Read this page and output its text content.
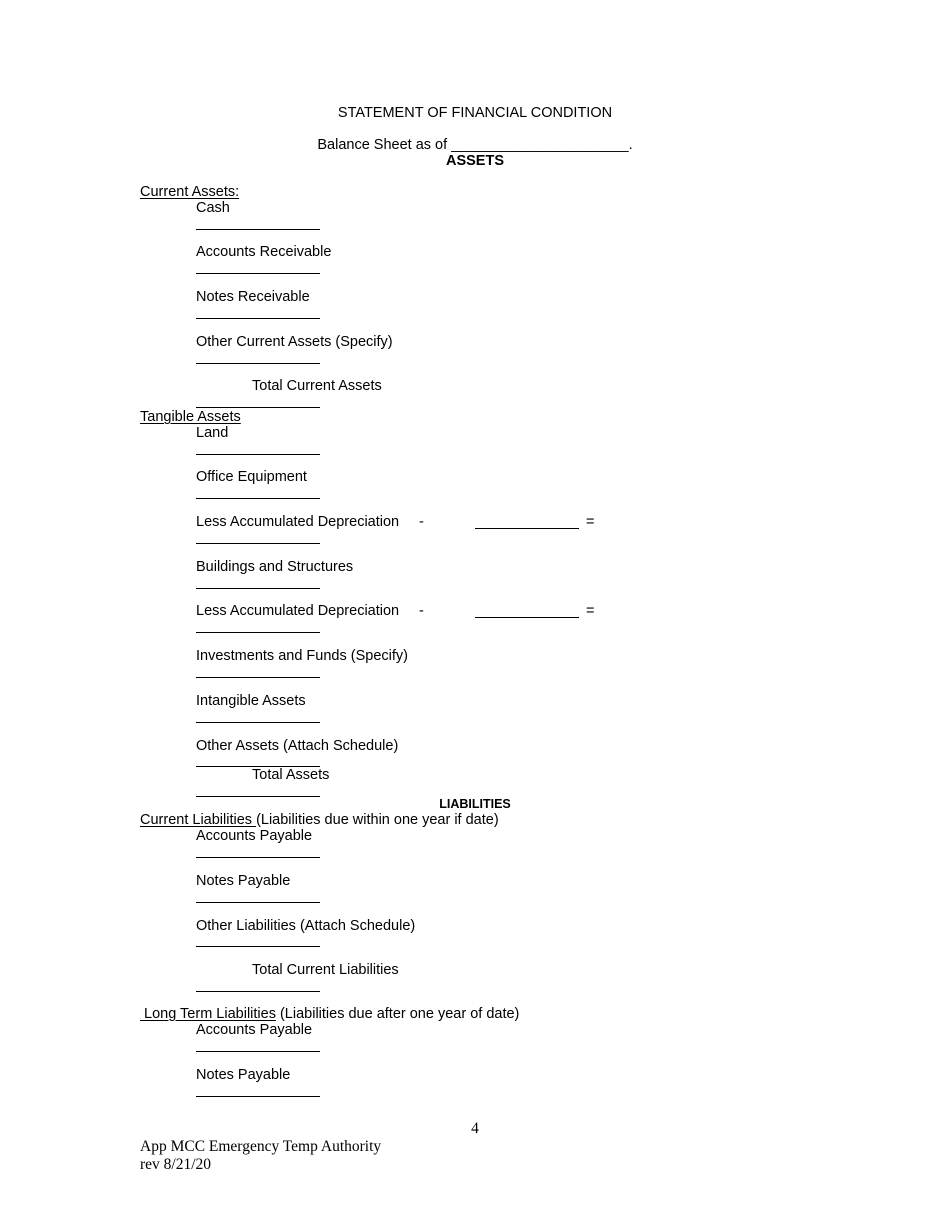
STATEMENT OF FINANCIAL CONDITION
Balance Sheet as of ______________________.
ASSETS
Current Assets:
Cash
Accounts Receivable
Notes Receivable
Other Current Assets (Specify)
Total Current Assets
Tangible Assets
Land
Office Equipment
Less Accumulated Depreciation -	=
Buildings and Structures
Less Accumulated Depreciation -	=
Investments and Funds (Specify)
Intangible Assets
Other Assets (Attach Schedule)
Total Assets
LIABILITIES
Current Liabilities (Liabilities due within one year if date)
Accounts Payable
Notes Payable
Other Liabilities (Attach Schedule)
Total Current Liabilities
Long Term Liabilities (Liabilities due after one year of date)
Accounts Payable
Notes Payable
4
App MCC Emergency Temp Authority
rev 8/21/20
